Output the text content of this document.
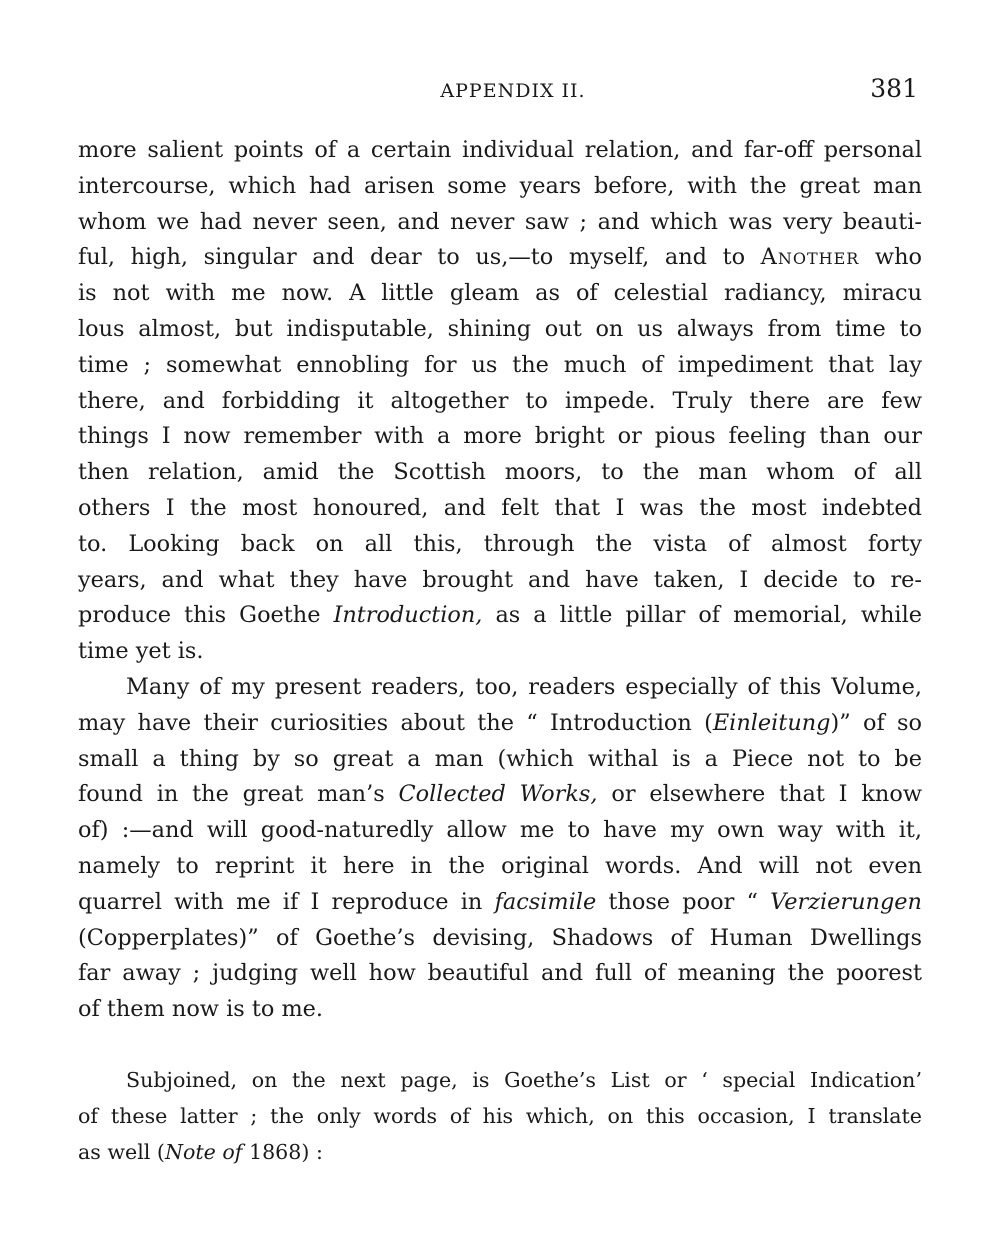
APPENDIX II.	381
more salient points of a certain individual relation, and far-off personal
intercourse, which had arisen some years before, with the great man
whom we had never seen, and never saw ; and which was very beauti-
ful, high, singular and dear to us,—to myself, and to Another who
is not with me now. A little gleam as of celestial radiancy, miracu
lous almost, but indisputable, shining out on us always from time to
time ; somewhat ennobling for us the much of impediment that lay
there, and forbidding it altogether to impede. Truly there are few
things I now remember with a more bright or pious feeling than our
then relation, amid the Scottish moors, to the man whom of all
others I the most honoured, and felt that I was the most indebted
to. Looking back on all this, through the vista of almost forty
years, and what they have brought and have taken, I decide to re-
produce this Goethe Introduction, as a little pillar of memorial, while
time yet is.
Many of my present readers, too, readers especially of this Volume,
may have their curiosities about the “ Introduction (Einleitung)” of so
small a thing by so great a man (which withal is a Piece not to be
found in the great man’s Collected Works, or elsewhere that I know
of) :—and will good-naturedly allow me to have my own way with it,
namely to reprint it here in the original words. And will not even
quarrel with me if I reproduce in facsimile those poor “ Verzierungen
(Copperplates)” of Goethe’s devising, Shadows of Human Dwellings
far away ; judging well how beautiful and full of meaning the poorest
of them now is to me.
Subjoined, on the next page, is Goethe’s List or ‘ special Indication’
of these latter ; the only words of his which, on this occasion, I translate
as well (Note of 1868) :
